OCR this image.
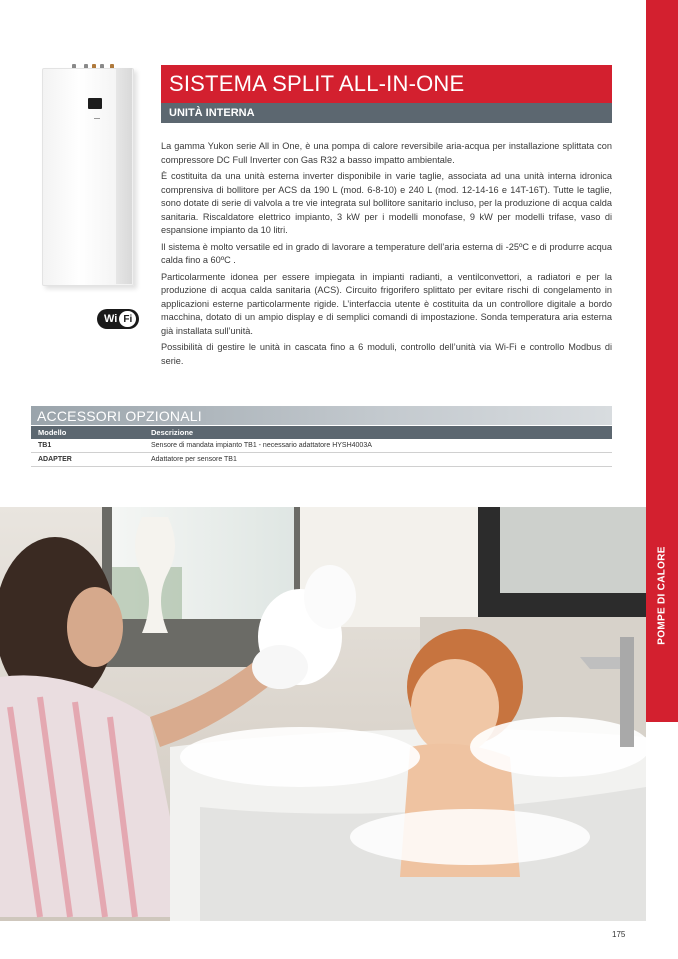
POMPE DI CALORE
Wi Fi
SISTEMA SPLIT ALL-IN-ONE
UNITÀ INTERNA

La gamma Yukon serie All in One, è una pompa di calore reversibile aria-acqua per installazione splittata con compressore DC Full Inverter con Gas R32 a basso impatto ambientale.

È costituita da una unità esterna inverter disponibile in varie taglie, associata ad una unità interna idronica comprensiva di bollitore per ACS da 190 L (mod. 6-8-10) e 240 L (mod. 12-14-16 e 14T-16T). Tutte le taglie, sono dotate di serie di valvola a tre vie integrata sul bollitore sanitario incluso, per la produzione di acqua calda sanitaria. Riscaldatore elettrico impianto, 3 kW per i modelli monofase, 9 kW per modelli trifase, vaso di espansione impianto da 10 litri.

Il sistema è molto versatile ed in grado di lavorare a temperature dell’aria esterna di -25ºC e di produrre acqua calda fino a 60ºC .

Particolarmente idonea per essere impiegata in impianti radianti, a ventilconvettori, a radiatori e per la produzione di acqua calda sanitaria (ACS). Circuito frigorifero splittato per evitare rischi di congelamento in applicazioni esterne particolarmente rigide. L’interfaccia utente è costituita da un controllore digitale a bordo macchina, dotato di un ampio display e di semplici comandi di impostazione. Sonda temperatura aria esterna già installata sull’unità.

Possibilità di gestire le unità in cascata fino a 6 moduli, controllo dell’unità via Wi-Fi e controllo Modbus di serie.

ACCESSORI OPZIONALI
Modello	Descrizione
TB1	Sensore di mandata impianto TB1 - necessario adattatore HYSH4003A
ADAPTER	Adattatore per sensore TB1
175
